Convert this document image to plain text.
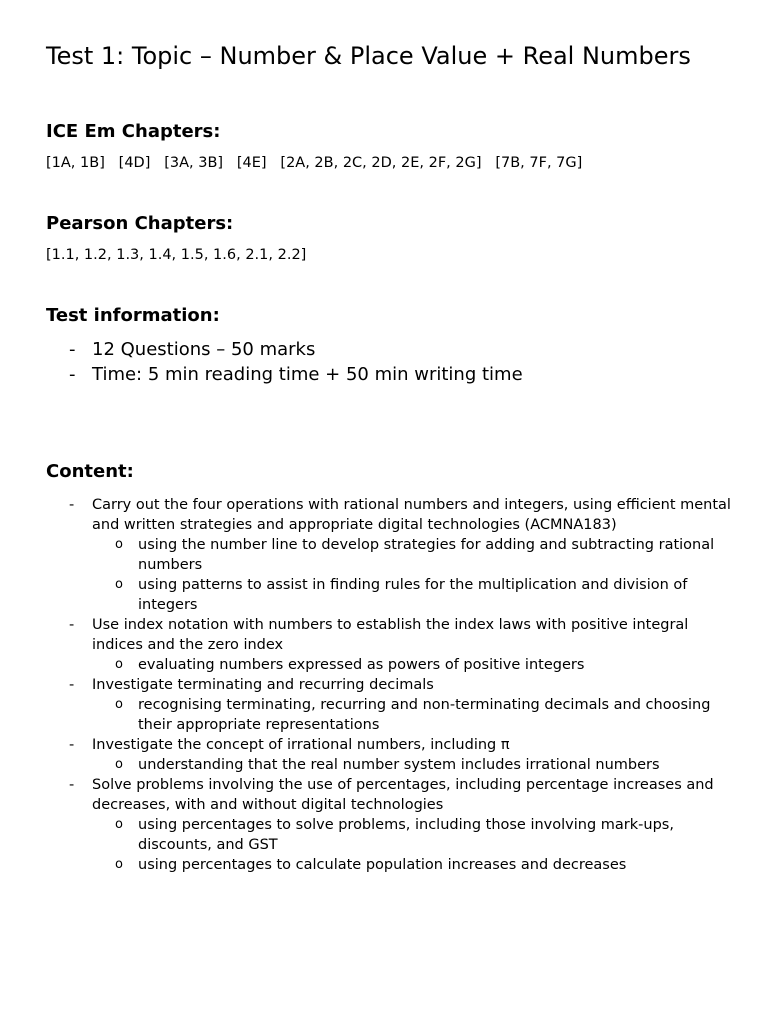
Test 1: Topic – Number & Place Value + Real Numbers
ICE Em Chapters:

[1A, 1B]   [4D]   [3A, 3B]   [4E]   [2A, 2B, 2C, 2D, 2E, 2F, 2G]   [7B, 7F, 7G]

Pearson Chapters:

[1.1, 1.2, 1.3, 1.4, 1.5, 1.6, 2.1, 2.2]

Test information:
- 12 Questions – 50 marks
- Time: 5 min reading time + 50 min writing time
Content:
- Carry out the four operations with rational numbers and integers, using efficient mental and written strategies and appropriate digital technologies (ACMNA183)
o using the number line to develop strategies for adding and subtracting rational numbers
o using patterns to assist in finding rules for the multiplication and division of integers
- Use index notation with numbers to establish the index laws with positive integral indices and the zero index
o evaluating numbers expressed as powers of positive integers
- Investigate terminating and recurring decimals
o recognising terminating, recurring and non-terminating decimals and choosing their appropriate representations
- Investigate the concept of irrational numbers, including π
o understanding that the real number system includes irrational numbers
- Solve problems involving the use of percentages, including percentage increases and decreases, with and without digital technologies
o using percentages to solve problems, including those involving mark-ups, discounts, and GST
o using percentages to calculate population increases and decreases
